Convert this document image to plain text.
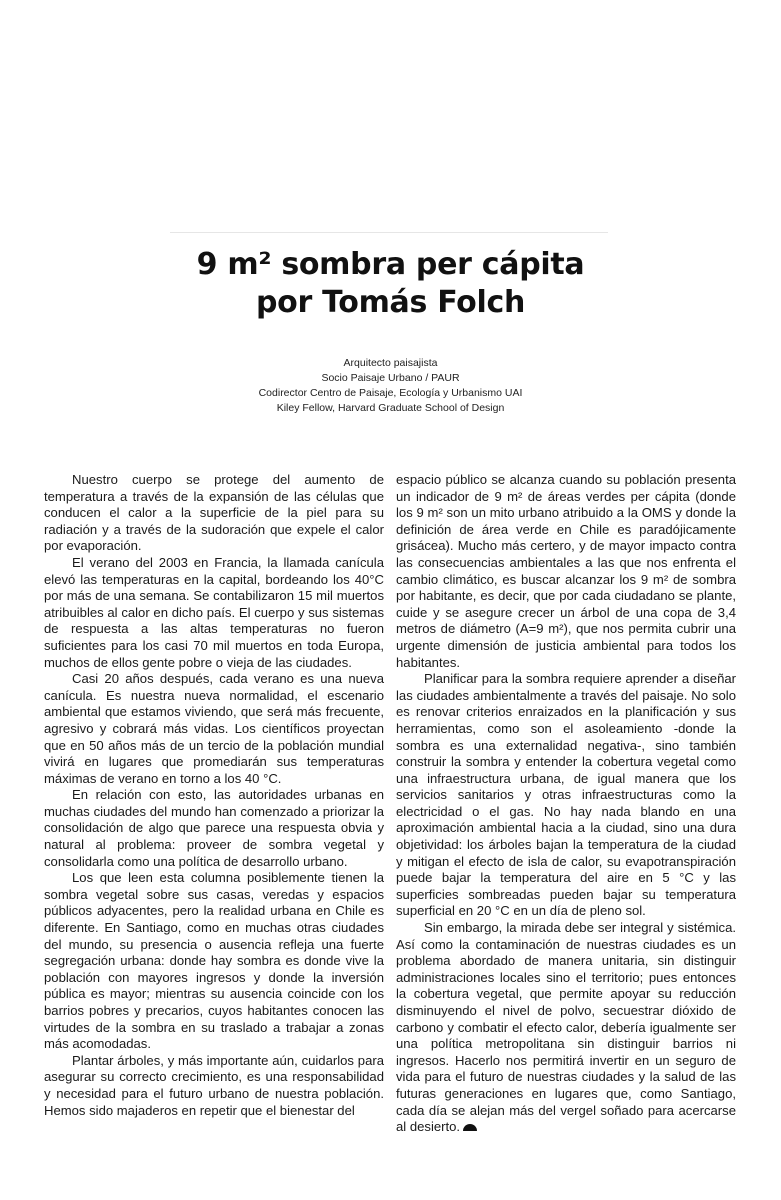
9 m² sombra per cápita
por Tomás Folch
Arquitecto paisajista
Socio Paisaje Urbano / PAUR
Codirector Centro de Paisaje, Ecología y Urbanismo UAI
Kiley Fellow, Harvard Graduate School of Design

Nuestro cuerpo se protege del aumento de temperatura a través de la expansión de las células que conducen el calor a la superficie de la piel para su radiación y a través de la sudoración que expele el calor por evaporación.

El verano del 2003 en Francia, la llamada canícula elevó las temperaturas en la capital, bordeando los 40°C por más de una semana. Se contabilizaron 15 mil muertos atribuibles al calor en dicho país. El cuerpo y sus sistemas de respuesta a las altas temperaturas no fueron suficientes para los casi 70 mil muertos en toda Europa, muchos de ellos gente pobre o vieja de las ciudades.

Casi 20 años después, cada verano es una nueva canícula. Es nuestra nueva normalidad, el escenario ambiental que estamos viviendo, que será más frecuente, agresivo y cobrará más vidas. Los científicos proyectan que en 50 años más de un tercio de la población mundial vivirá en lugares que promediarán sus temperaturas máximas de verano en torno a los 40 °C.

En relación con esto, las autoridades urbanas en muchas ciudades del mundo han comenzado a priorizar la consolidación de algo que parece una respuesta obvia y natural al problema: proveer de sombra vegetal y consolidarla como una política de desarrollo urbano.

Los que leen esta columna posiblemente tienen la sombra vegetal sobre sus casas, veredas y espacios públicos adyacentes, pero la realidad urbana en Chile es diferente. En Santiago, como en muchas otras ciudades del mundo, su presencia o ausencia refleja una fuerte segregación urbana: donde hay sombra es donde vive la población con mayores ingresos y donde la inversión pública es mayor; mientras su ausencia coincide con los barrios pobres y precarios, cuyos habitantes conocen las virtudes de la sombra en su traslado a trabajar a zonas más acomodadas.

Plantar árboles, y más importante aún, cuidarlos para asegurar su correcto crecimiento, es una responsabilidad y necesidad para el futuro urbano de nuestra población. Hemos sido majaderos en repetir que el bienestar del

espacio público se alcanza cuando su población presenta un indicador de 9 m² de áreas verdes per cápita (donde los 9 m² son un mito urbano atribuido a la OMS y donde la definición de área verde en Chile es paradójicamente grisácea). Mucho más certero, y de mayor impacto contra las consecuencias ambientales a las que nos enfrenta el cambio climático, es buscar alcanzar los 9 m² de sombra por habitante, es decir, que por cada ciudadano se plante, cuide y se asegure crecer un árbol de una copa de 3,4 metros de diámetro (A=9 m²), que nos permita cubrir una urgente dimensión de justicia ambiental para todos los habitantes.

Planificar para la sombra requiere aprender a diseñar las ciudades ambientalmente a través del paisaje. No solo es renovar criterios enraizados en la planificación y sus herramientas, como son el asoleamiento -donde la sombra es una externalidad negativa-, sino también construir la sombra y entender la cobertura vegetal como una infraestructura urbana, de igual manera que los servicios sanitarios y otras infraestructuras como la electricidad o el gas. No hay nada blando en una aproximación ambiental hacia a la ciudad, sino una dura objetividad: los árboles bajan la temperatura de la ciudad y mitigan el efecto de isla de calor, su evapotranspiración puede bajar la temperatura del aire en 5 °C y las superficies sombreadas pueden bajar su temperatura superficial en 20 °C en un día de pleno sol.

Sin embargo, la mirada debe ser integral y sistémica. Así como la contaminación de nuestras ciudades es un problema abordado de manera unitaria, sin distinguir administraciones locales sino el territorio; pues entonces la cobertura vegetal, que permite apoyar su reducción disminuyendo el nivel de polvo, secuestrar dióxido de carbono y combatir el efecto calor, debería igualmente ser una política metropolitana sin distinguir barrios ni ingresos. Hacerlo nos permitirá invertir en un seguro de vida para el futuro de nuestras ciudades y la salud de las futuras generaciones en lugares que, como Santiago, cada día se alejan más del vergel soñado para acercarse al desierto.
